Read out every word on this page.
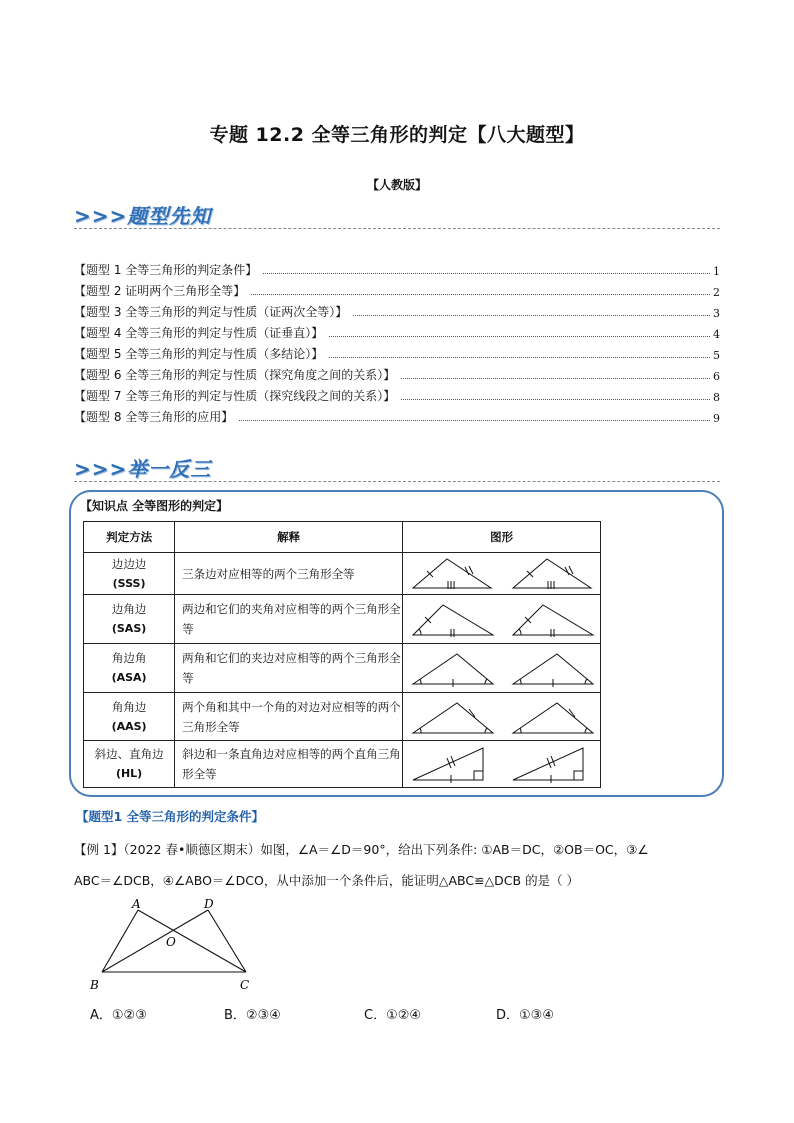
专题 12.2 全等三角形的判定【八大题型】
【人教版】
>>>题型先知
【题型 1 全等三角形的判定条件】	1
【题型 2 证明两个三角形全等】	2
【题型 3 全等三角形的判定与性质（证两次全等）】	3
【题型 4 全等三角形的判定与性质（证垂直）】	4
【题型 5 全等三角形的判定与性质（多结论）】	5
【题型 6 全等三角形的判定与性质（探究角度之间的关系）】	6
【题型 7 全等三角形的判定与性质（探究线段之间的关系）】	8
【题型 8 全等三角形的应用】	9
>>>举一反三
【知识点 全等图形的判定】
判定方法	解释	图形
边边边
(SSS)	三条边对应相等的两个三角形全等	

边角边
(SAS)	两边和它们的夹角对应相等的两个三角形全等	

角边角
(ASA)	两角和它们的夹边对应相等的两个三角形全等	

角角边
(AAS)	两个角和其中一个角的对边对应相等的两个三角形全等	

斜边、直角边
(HL)	斜边和一条直角边对应相等的两个直角三角形全等	
【题型1 全等三角形的判定条件】
【例 1】（2022 春•顺德区期末）如图，∠A＝∠D＝90°，给出下列条件: ①AB＝DC，②OB＝OC，③∠
ABC＝∠DCB，④∠ABO＝∠DCO，从中添加一个条件后，能证明△ABC≌△DCB 的是（ ）
A	D
O
B	C
A．①②③	B．②③④	C．①②④	D．①③④
